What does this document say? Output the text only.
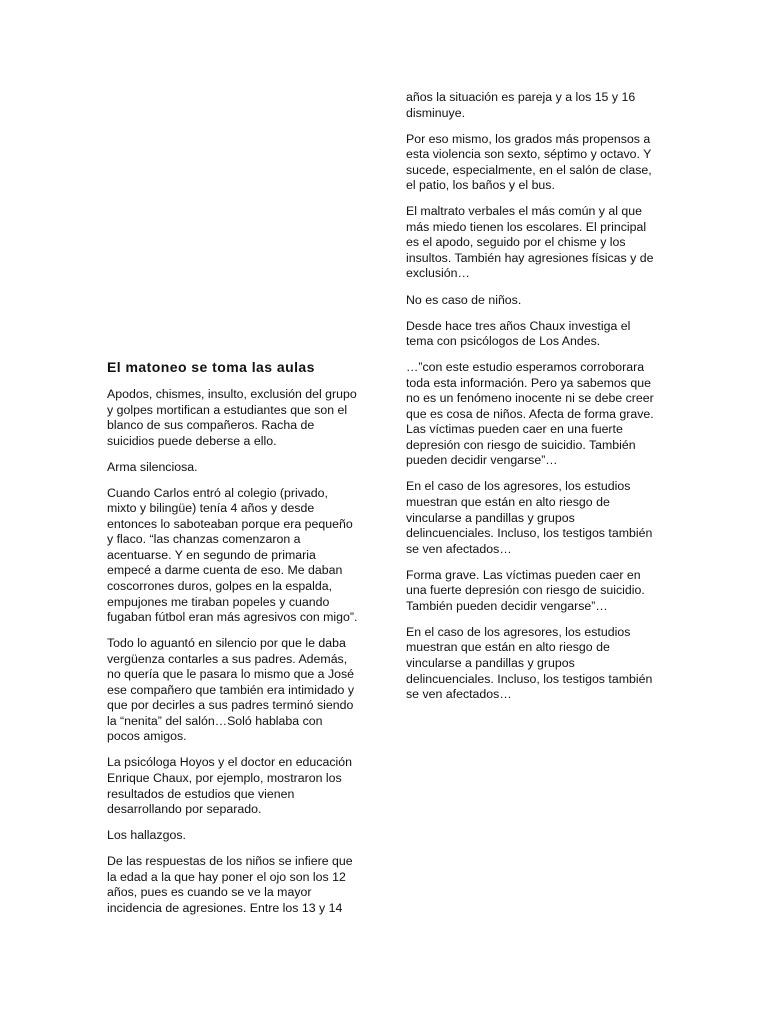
El matoneo se toma las aulas

Apodos, chismes, insulto, exclusión del grupo
y golpes mortifican a estudiantes que son el
blanco de sus compañeros. Racha de
suicidios puede deberse a ello.

Arma silenciosa.

Cuando Carlos entró al colegio (privado,
mixto y bilingüe) tenía 4 años y desde
entonces lo saboteaban porque era pequeño
y flaco. “las chanzas comenzaron a
acentuarse. Y en segundo de primaria
empecé a darme cuenta de eso. Me daban
coscorrones duros, golpes en la espalda,
empujones me tiraban popeles y cuando
fugaban fútbol eran más agresivos con migo”.

Todo lo aguantó en silencio por que le daba
vergüenza contarles a sus padres. Además,
no quería que le pasara lo mismo que a José
ese compañero que también era intimidado y
que por decirles a sus padres terminó siendo
la “nenita” del salón…Soló hablaba con
pocos amigos.

La psicóloga Hoyos y el doctor en educación
Enrique Chaux, por ejemplo, mostraron los
resultados de estudios que vienen
desarrollando por separado.

Los hallazgos.

De las respuestas de los niños se infiere que
la edad a la que hay poner el ojo son los 12
años, pues es cuando se ve la mayor
incidencia de agresiones. Entre los 13 y 14

años la situación es pareja y a los 15 y 16
disminuye.

Por eso mismo, los grados más propensos a
esta violencia son sexto, séptimo y octavo. Y
sucede, especialmente, en el salón de clase,
el patio, los baños y el bus.

El maltrato verbales el más común y al que
más miedo tienen los escolares. El principal
es el apodo, seguido por el chisme y los
insultos. También hay agresiones físicas y de
exclusión…

No es caso de niños.

Desde hace tres años Chaux investiga el
tema con psicólogos de Los Andes.

…”con este estudio esperamos corroborara
toda esta información. Pero ya sabemos que
no es un fenómeno inocente ni se debe creer
que es cosa de niños. Afecta de forma grave.
Las víctimas pueden caer en una fuerte
depresión con riesgo de suicidio. También
pueden decidir vengarse”…

En el caso de los agresores, los estudios
muestran que están en alto riesgo de
vincularse a pandillas y grupos
delincuenciales. Incluso, los testigos también
se ven afectados…

Forma grave. Las víctimas pueden caer en
una fuerte depresión con riesgo de suicidio.
También pueden decidir vengarse”…

En el caso de los agresores, los estudios
muestran que están en alto riesgo de
vincularse a pandillas y grupos
delincuenciales. Incluso, los testigos también
se ven afectados…
